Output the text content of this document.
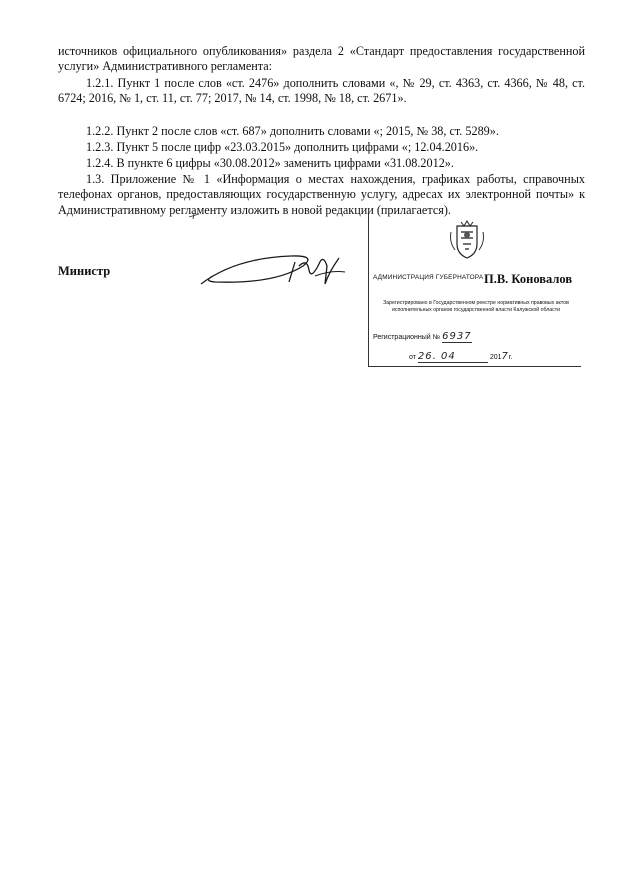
источников официального опубликования» раздела 2 «Стандарт предоставления государственной услуги» Административного регламента:

1.2.1. Пункт 1 после слов «ст. 2476» дополнить словами «, № 29, ст. 4363, ст. 4366, № 48, ст. 6724; 2016, № 1, ст. 11, ст. 77; 2017, № 14, ст. 1998, № 18, ст. 2671».

1.2.2. Пункт 2 после слов «ст. 687» дополнить словами «; 2015, № 38, ст. 5289».

1.2.3. Пункт 5 после цифр «23.03.2015» дополнить цифрами «; 12.04.2016».

1.2.4. В пункте 6 цифры «30.08.2012» заменить цифрами «31.08.2012».

1.3. Приложение № 1 «Информация о местах нахождения, графиках работы, справочных телефонах органов, предоставляющих государственную услугу, адресах их электронной почты» к Административному регламенту изложить в новой редакции (прилагается).

АДМИНИСТРАЦИЯ ГУБЕРНАТОРА
Зарегистрировано в Государственном реестре нормативных правовых актов исполнительных органов государственной власти Калужской области
Регистрационный № 6937
от 26. 04	2017г.
Министр
П.В. Коновалов
